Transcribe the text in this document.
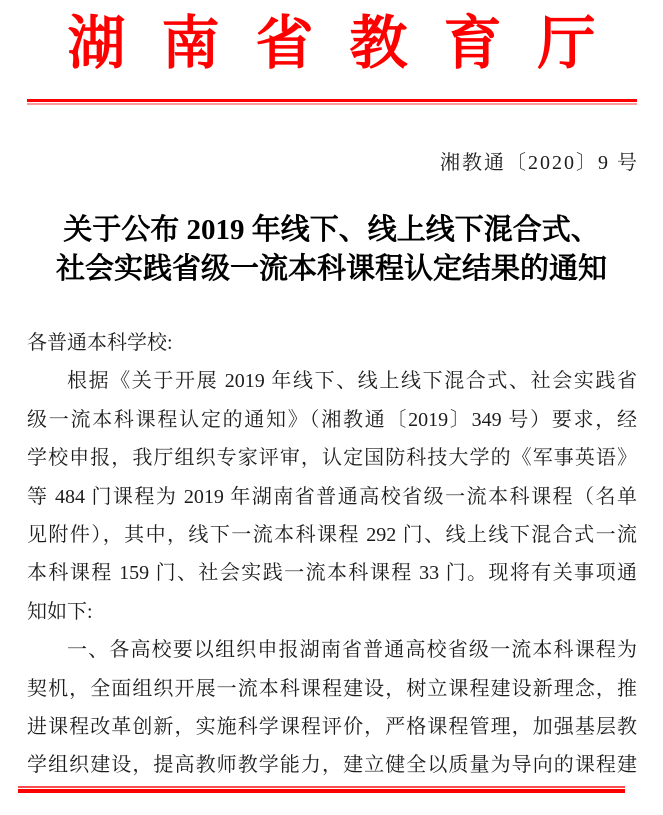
湖南省教育厅
湘教通〔2020〕9 号
关于公布 2019 年线下、线上线下混合式、
社会实践省级一流本科课程认定结果的通知
各普通本科学校:
根据《关于开展 2019 年线下、线上线下混合式、社会实践省
级一流本科课程认定的通知》（湘教通〔2019〕349 号）要求，经
学校申报，我厅组织专家评审，认定国防科技大学的《军事英语》
等 484 门课程为 2019 年湖南省普通高校省级一流本科课程（名单
见附件），其中，线下一流本科课程 292 门、线上线下混合式一流
本科课程 159 门、社会实践一流本科课程 33 门。现将有关事项通
知如下:
一、各高校要以组织申报湖南省普通高校省级一流本科课程为
契机，全面组织开展一流本科课程建设，树立课程建设新理念，推
进课程改革创新，实施科学课程评价，严格课程管理，加强基层教
学组织建设，提高教师教学能力，建立健全以质量为导向的课程建
